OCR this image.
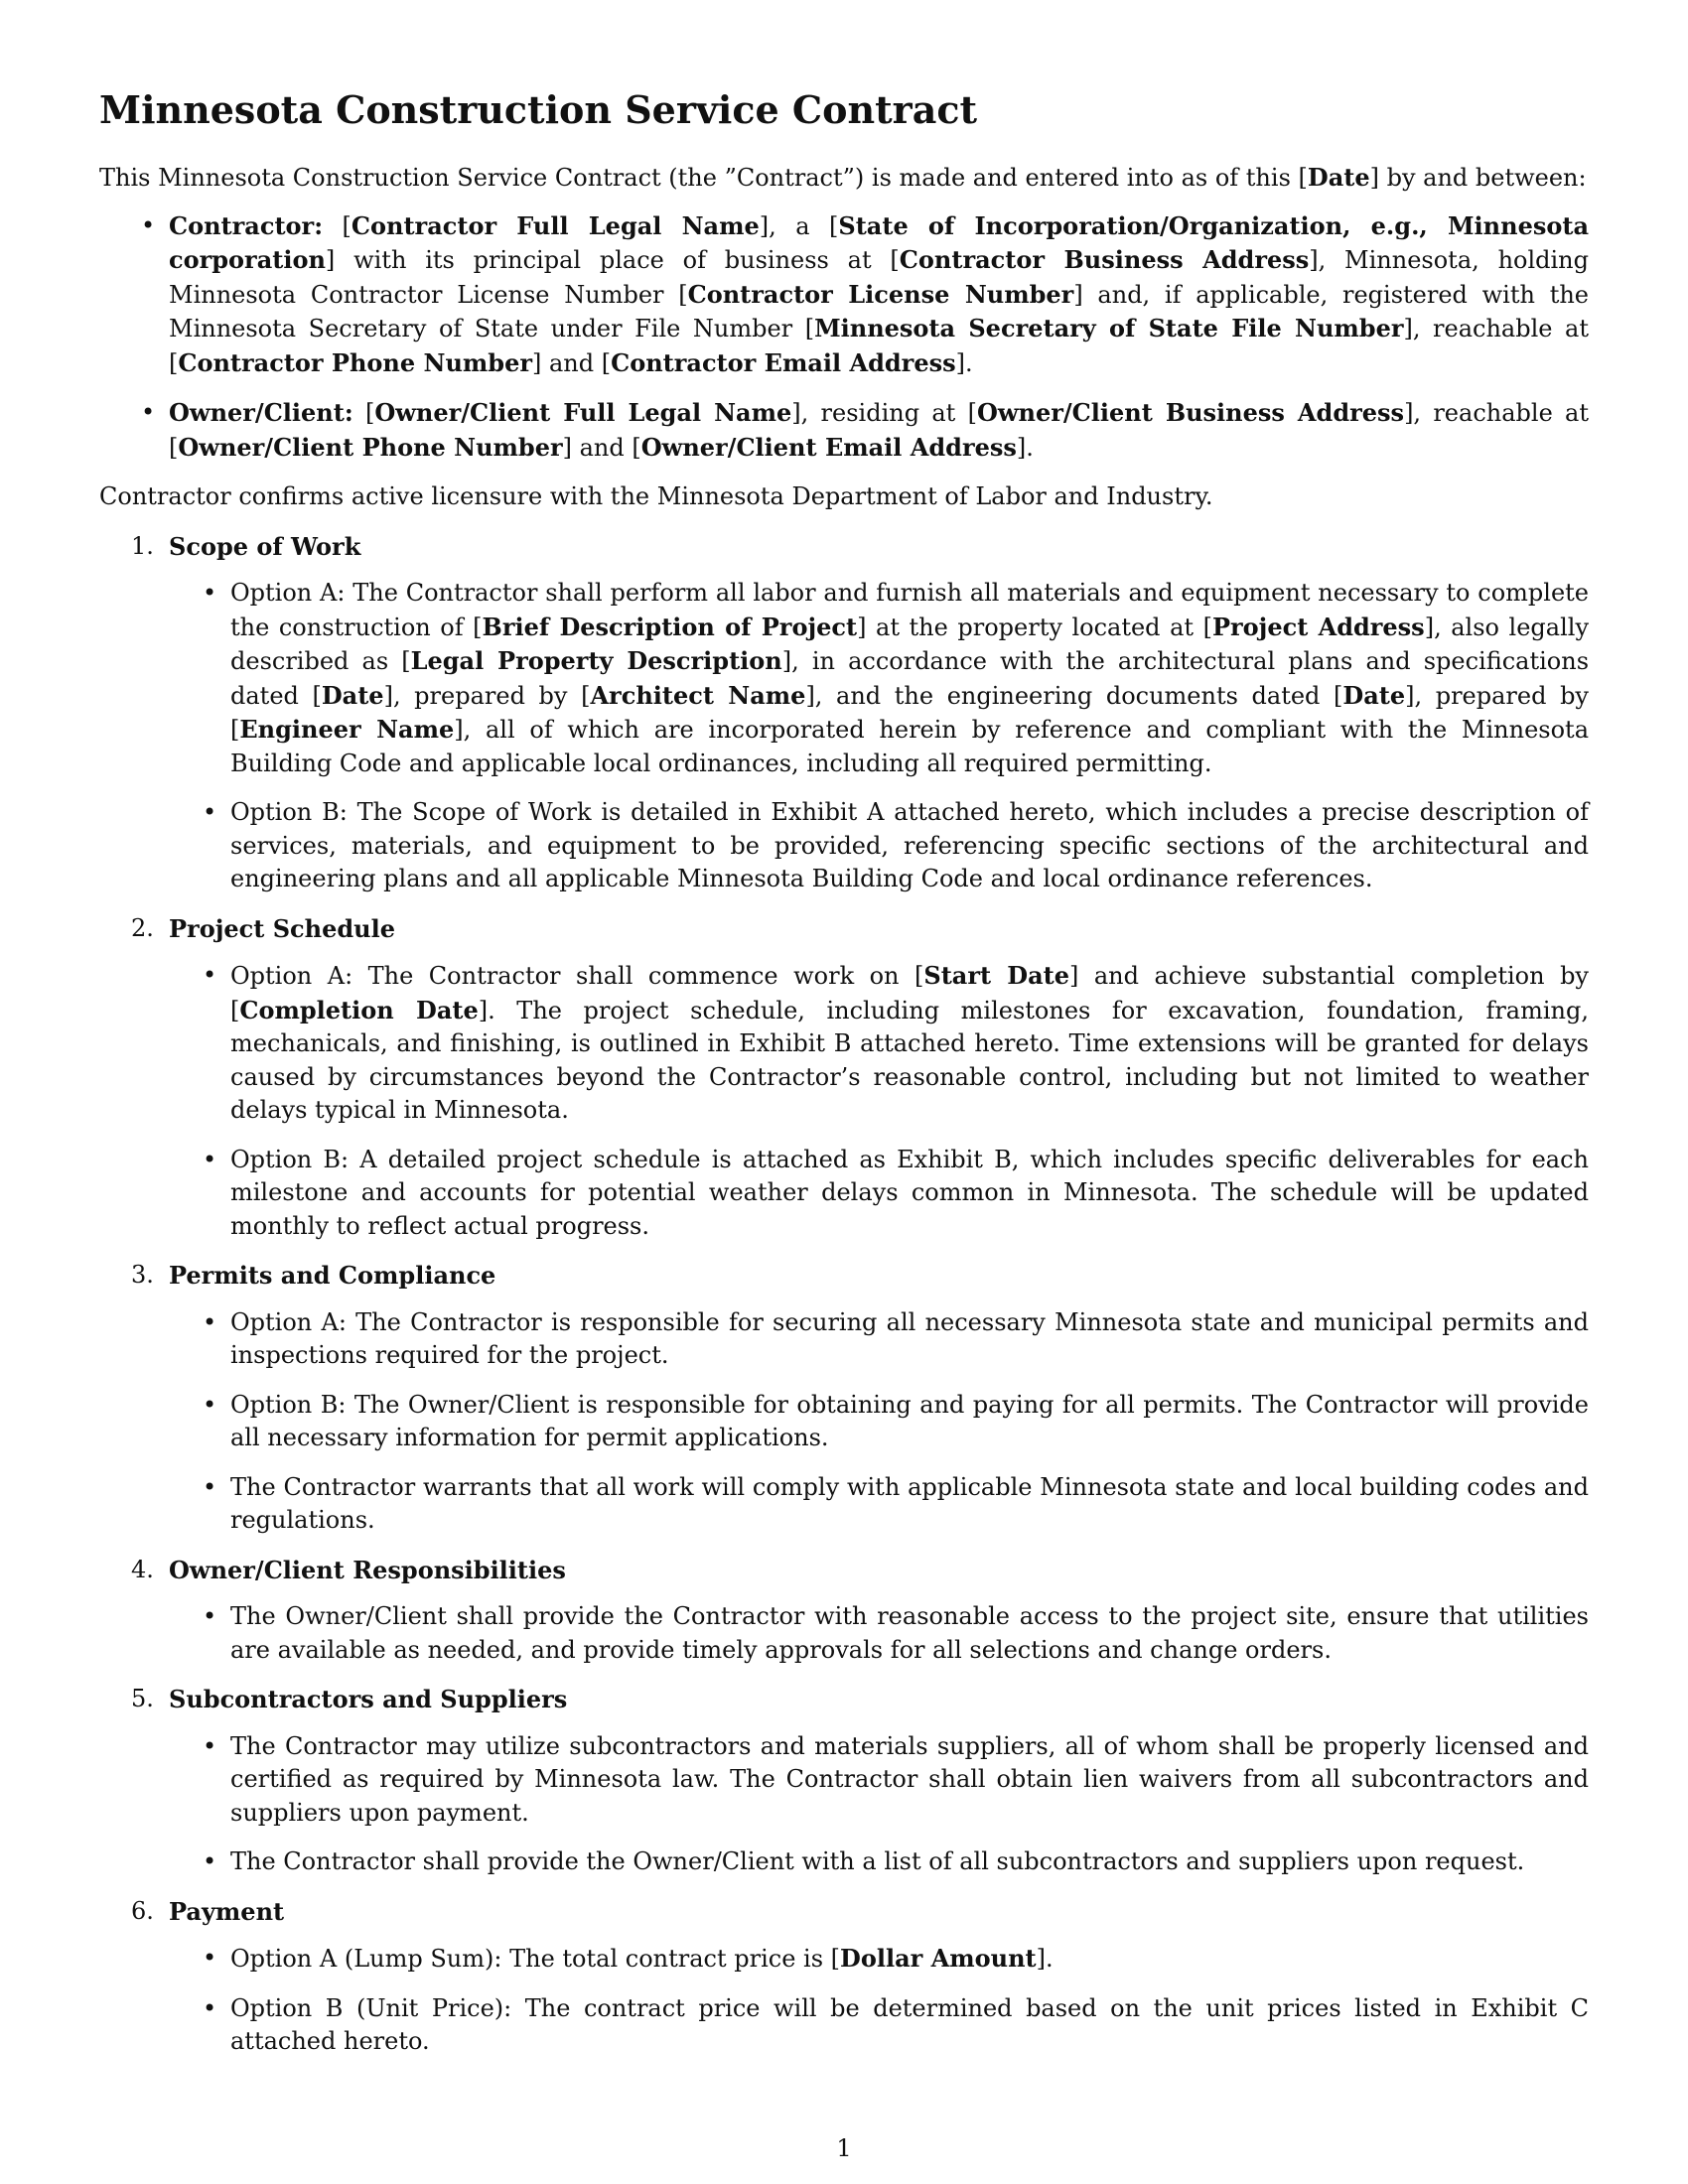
Minnesota Construction Service Contract

This Minnesota Construction Service Contract (the ”Contract”) is made and entered into as of this [Date] by and between:

• Contractor: [Contractor Full Legal Name], a [State of Incorporation/Organization, e.g., Minnesota corporation] with its principal place of business at [Contractor Business Address], Minnesota, holding Minnesota Contractor License Number [Contractor License Number] and, if applicable, registered with the Minnesota Secretary of State under File Number [Minnesota Secretary of State File Number], reachable at [Contractor Phone Number] and [Contractor Email Address].
• Owner/Client: [Owner/Client Full Legal Name], residing at [Owner/Client Business Address], reachable at [Owner/Client Phone Number] and [Owner/Client Email Address].

Contractor confirms active licensure with the Minnesota Department of Labor and Industry.

1. Scope of Work
• Option A: The Contractor shall perform all labor and furnish all materials and equipment necessary to complete the construction of [Brief Description of Project] at the property located at [Project Address], also legally described as [Legal Property Description], in accordance with the architectural plans and specifications dated [Date], prepared by [Architect Name], and the engineering documents dated [Date], prepared by [Engineer Name], all of which are incorporated herein by reference and compliant with the Minnesota Building Code and applicable local ordinances, including all required permitting.
• Option B: The Scope of Work is detailed in Exhibit A attached hereto, which includes a precise description of services, materials, and equipment to be provided, referencing specific sections of the architectural and engineering plans and all applicable Minnesota Building Code and local ordinance references.
2. Project Schedule
• Option A: The Contractor shall commence work on [Start Date] and achieve substantial completion by [Completion Date]. The project schedule, including milestones for excavation, foundation, framing, mechanicals, and finishing, is outlined in Exhibit B attached hereto. Time extensions will be granted for delays caused by circumstances beyond the Contractor’s reasonable control, including but not limited to weather delays typical in Minnesota.
• Option B: A detailed project schedule is attached as Exhibit B, which includes specific deliverables for each milestone and accounts for potential weather delays common in Minnesota. The schedule will be updated monthly to reflect actual progress.
3. Permits and Compliance
• Option A: The Contractor is responsible for securing all necessary Minnesota state and municipal permits and inspections required for the project.
• Option B: The Owner/Client is responsible for obtaining and paying for all permits. The Contractor will provide all necessary information for permit applications.
• The Contractor warrants that all work will comply with applicable Minnesota state and local building codes and regulations.
4. Owner/Client Responsibilities
• The Owner/Client shall provide the Contractor with reasonable access to the project site, ensure that utilities are available as needed, and provide timely approvals for all selections and change orders.
5. Subcontractors and Suppliers
• The Contractor may utilize subcontractors and materials suppliers, all of whom shall be properly licensed and certified as required by Minnesota law. The Contractor shall obtain lien waivers from all subcontractors and suppliers upon payment.
• The Contractor shall provide the Owner/Client with a list of all subcontractors and suppliers upon request.
6. Payment
• Option A (Lump Sum): The total contract price is [Dollar Amount].
• Option B (Unit Price): The contract price will be determined based on the unit prices listed in Exhibit C attached hereto.
1
